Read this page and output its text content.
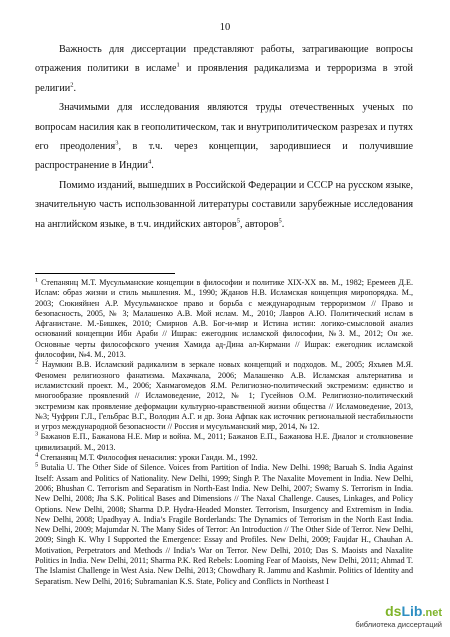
10

Важность для диссертации представляют работы, затрагивающие вопросы отражения политики в исламе$^1$ и проявления радикализма и терроризма в этой религии$^2$.

Значимыми для исследования являются труды отечественных ученых по вопросам насилия как в геополитическом, так и внутриполитическом разрезах и путях его преодоления$^3$, в т.ч. через концепции, зародившиеся и получившие распространение в Индии$^4$.

Помимо изданий, вышедших в Российской Федерации и СССР на русском языке, значительную часть использованной литературы составили зарубежные исследования на английском языке, в т.ч. индийских авторов$^5$, авторов$^5$.

$^1$ Степанянц М.Т. Мусульманские концепции в философии и политике XIX-XX вв. М., 1982; Еремеев Д.Е. Ислам: образ жизни и стиль мышления. М., 1990; Жданов Н.В. Исламская концепция миропорядка. М., 2003; Сюкияйнен А.Р. Мусульманское право и борьба с международным терроризмом // Право и безопасность, 2005, № 3; Малашенко А.В. Мой ислам. М., 2010; Лавров А.Ю. Политический ислам в Афганистане. М.-Бишкек, 2010; Смирнов А.В. Бог-и-мир и Истина истин: логико-смысловой анализ оснований концепции Ибн Араби // Ишрак: ежегодник исламской философии, №3. М., 2012; Он же. Основные черты философского учения Хамида ад-Дина ал-Кирмани // Ишрак: ежегодник исламской философии, №4. М., 2013.

$^2$ Наумкин В.В. Исламский радикализм в зеркале новых концепций и подходов. М., 2005; Яхъяев М.Я. Феномен религиозного фанатизма. Махачкала, 2006; Малашенко А.В. Исламская альтернатива и исламистский проект. М., 2006; Ханмагомедов Я.М. Религиозно-политический экстремизм: единство и многообразие проявлений // Исламоведение, 2012, № 1; Гусейнов О.М. Религиозно-политический экстремизм как проявление деформации культурно-нравственной жизни общества // Исламоведение, 2013, №3; Чуфрин Г.Л., Гельбрас В.Г., Володин А.Г. и др. Зона Афпак как источник региональной нестабильности и угроз международной безопасности // Россия и мусульманский мир, 2014, № 12.

$^3$ Бажанов Е.П., Бажанова Н.Е. Мир и война. М., 2011; Бажанов Е.П., Бажанова Н.Е. Диалог и столкновение цивилизаций. М., 2013.

$^4$ Степанянц М.Т. Философия ненасилия: уроки Ганди. М., 1992.

$^5$ Butalia U. The Other Side of Silence. Voices from Partition of India. New Delhi. 1998; Baruah S. India Against Itself: Assam and Politics of Nationality. New Delhi, 1999; Singh P. The Naxalite Movement in India. New Delhi, 2006; Bhushan C. Terrorism and Separatism in North-East India. New Delhi, 2007; Swamy S. Terrorism in India. New Delhi, 2008; Jha S.K. Political Bases and Dimensions // The Naxal Challenge. Causes, Linkages, and Policy Options. New Delhi, 2008; Sharma D.P. Hydra-Headed Monster. Terrorism, Insurgency and Extremism in India. New Delhi, 2008; Upadhyay A. India’s Fragile Borderlands: The Dynamics of Terrorism in the North East India. New Delhi, 2009; Majumdar N. The Many Sides of Terror: An Introduction // The Other Side of Terror. New Delhi, 2009; Singh K. Why I Supported the Emergence: Essay and Profiles. New Delhi, 2009; Faujdar H., Chauhan A. Motivation, Perpetrators and Methods // India’s War on Terror. New Delhi, 2010; Das S. Maoists and Naxalite Politics in India. New Delhi, 2011; Sharma P.K. Red Rebels: Looming Fear of Maoists, New Delhi, 2011; Ahmad T. The Islamist Challenge in West Asia. New Delhi, 2013; Chowdhary R. Jammu and Kashmir. Politics of Identity and Separatism. New Delhi, 2016; Subramanian K.S. State, Policy and Conflicts in Northeast I

dsLib.net
библиотека диссертаций
